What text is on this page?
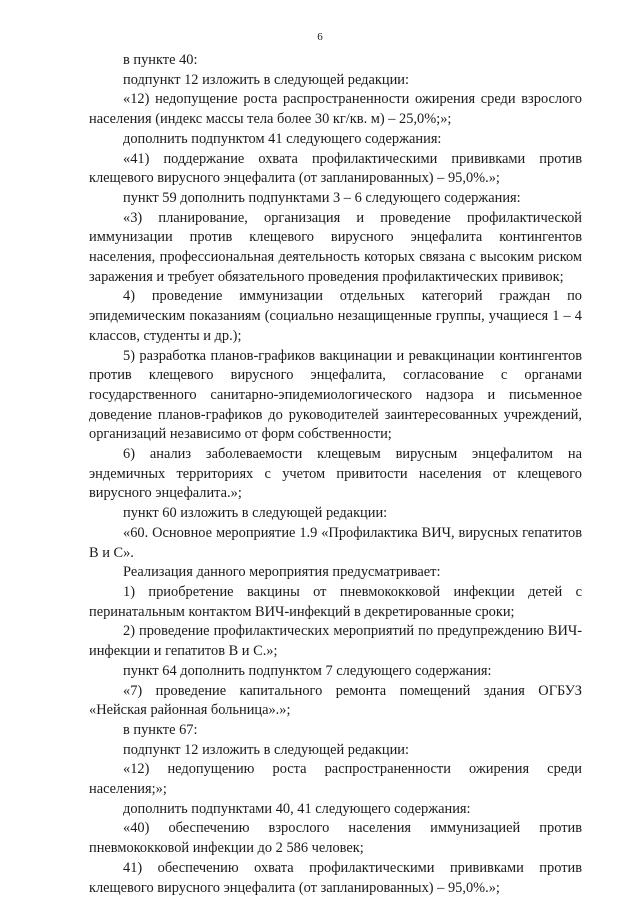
6

в пункте 40:

подпункт 12 изложить в следующей редакции:

«12) недопущение роста распространенности ожирения среди взрослого населения (индекс массы тела более 30 кг/кв. м) – 25,0%;»;

дополнить подпунктом 41 следующего содержания:

«41) поддержание охвата профилактическими прививками против клещевого вирусного энцефалита (от запланированных) – 95,0%.»;

пункт 59 дополнить подпунктами 3 – 6 следующего содержания:

«3) планирование, организация и проведение профилактической иммунизации против клещевого вирусного энцефалита контингентов населения, профессиональная деятельность которых связана с высоким риском заражения и требует обязательного проведения профилактических прививок;

4) проведение иммунизации отдельных категорий граждан по эпидемическим показаниям (социально незащищенные группы, учащиеся 1 – 4 классов, студенты и др.);

5) разработка планов-графиков вакцинации и ревакцинации контингентов против клещевого вирусного энцефалита, согласование с органами государственного санитарно-эпидемиологического надзора и письменное доведение планов-графиков до руководителей заинтересованных учреждений, организаций независимо от форм собственности;

6) анализ заболеваемости клещевым вирусным энцефалитом на эндемичных территориях с учетом привитости населения от клещевого вирусного энцефалита.»;

пункт 60 изложить в следующей редакции:

«60. Основное мероприятие 1.9 «Профилактика ВИЧ, вирусных гепатитов В и С».

Реализация данного мероприятия предусматривает:

1) приобретение вакцины от пневмококковой инфекции детей с перинатальным контактом ВИЧ-инфекций в декретированные сроки;

2) проведение профилактических мероприятий по предупреждению ВИЧ-инфекции и гепатитов В и С.»;

пункт 64 дополнить подпунктом 7 следующего содержания:

«7) проведение капитального ремонта помещений здания ОГБУЗ «Нейская районная больница».»;

в пункте 67:

подпункт 12 изложить в следующей редакции:

«12) недопущению роста распространенности ожирения среди населения;»;

дополнить подпунктами 40, 41 следующего содержания:

«40) обеспечению взрослого населения иммунизацией против пневмококковой инфекции до 2 586 человек;

41) обеспечению охвата профилактическими прививками против клещевого вирусного энцефалита (от запланированных) – 95,0%.»;
